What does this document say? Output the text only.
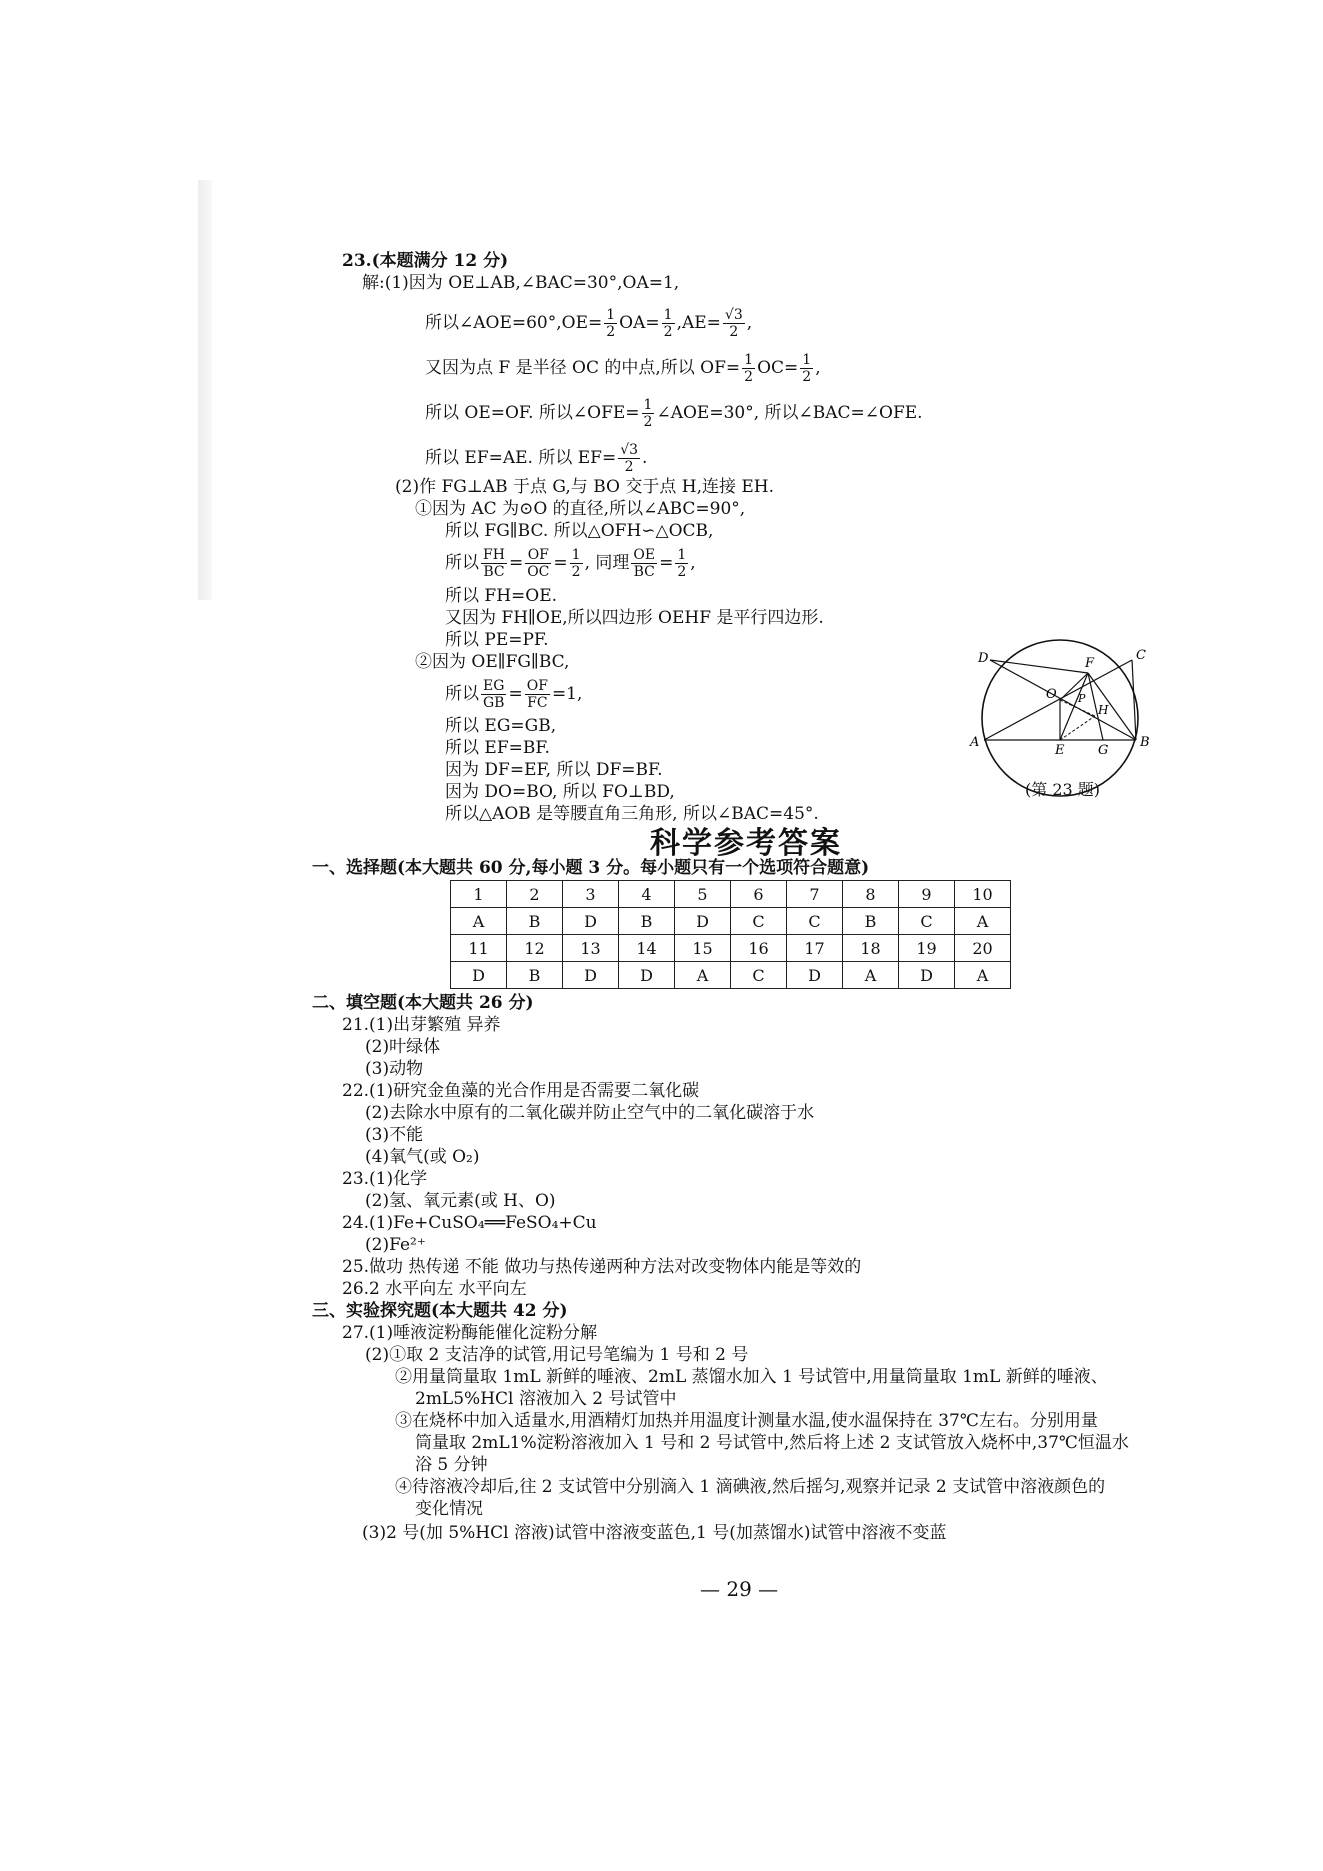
23.(本题满分 12 分)
解:(1)因为 OE⊥AB,∠BAC=30°,OA=1,
所以∠AOE=60°,OE= $\frac{1}{2} OA= \frac{1}{2} ,AE= \frac{√3}{2}$ ,
又因为点 F 是半径 OC 的中点,所以 $OF= \frac{1}{2} OC= \frac{1}{2}$ ,
所以 OE=OF. 所以∠OFE= $\frac{1}{2}$ ∠AOE=30°, 所以∠BAC=∠OFE.
所以 EF=AE. 所以 $EF= \frac{√3}{2}$ .
(2)作 FG⊥AB 于点 G,与 BO 交于点 H,连接 EH.
①因为 AC 为⊙O 的直径,所以∠ABC=90°,
所以 FG∥BC. 所以△OFH∽△OCB,
所以 $\frac{FH}{BC} = \frac{OF}{OC} = \frac{1}{2}$ , 同理 $\frac{OE}{BC} = \frac{1}{2}$ ,
所以 FH=OE.
又因为 FH∥OE,所以四边形 OEHF 是平行四边形.
所以 PE=PF.
②因为 OE∥FG∥BC,
所以 $\frac{EG}{GB} = \frac{OF}{FC} =1$,
所以 EG=GB,
所以 EF=BF.
因为 DF=EF, 所以 DF=BF.
因为 DO=BO, 所以 FO⊥BD,
所以△AOB 是等腰直角三角形, 所以∠BAC=45°.
D	C
F
O P
H
A
E	G
B
(第 23 题)
科学参考答案
一、选择题(本大题共 60 分,每小题 3 分。每小题只有一个选项符合题意)
1	2	3	4	5	6	7	8	9	10
A	B	D	B	D	C	C	B	C	A
11	12	13	14	15	16	17	18	19	20
D	B	D	D	A	C	D	A	D	A
二、填空题(本大题共 26 分)
21.(1)出芽繁殖 异养
(2)叶绿体
(3)动物
22.(1)研究金鱼藻的光合作用是否需要二氧化碳
(2)去除水中原有的二氧化碳并防止空气中的二氧化碳溶于水
(3)不能
(4)氧气(或 O₂)
23.(1)化学
(2)氢、氧元素(或 H、O)
24.(1)Fe+CuSO₄══FeSO₄+Cu
(2)Fe²⁺
25.做功 热传递 不能 做功与热传递两种方法对改变物体内能是等效的
26.2 水平向左 水平向左
三、实验探究题(本大题共 42 分)
27.(1)唾液淀粉酶能催化淀粉分解
(2)①取 2 支洁净的试管,用记号笔编为 1 号和 2 号
②用量筒量取 1mL 新鲜的唾液、2mL 蒸馏水加入 1 号试管中,用量筒量取 1mL 新鲜的唾液、
2mL5%HCl 溶液加入 2 号试管中
③在烧杯中加入适量水,用酒精灯加热并用温度计测量水温,使水温保持在 37℃左右。分别用量
筒量取 2mL1%淀粉溶液加入 1 号和 2 号试管中,然后将上述 2 支试管放入烧杯中,37℃恒温水
浴 5 分钟
④待溶液冷却后,往 2 支试管中分别滴入 1 滴碘液,然后摇匀,观察并记录 2 支试管中溶液颜色的
变化情况
(3)2 号(加 5%HCl 溶液)试管中溶液变蓝色,1 号(加蒸馏水)试管中溶液不变蓝
— 29 —
